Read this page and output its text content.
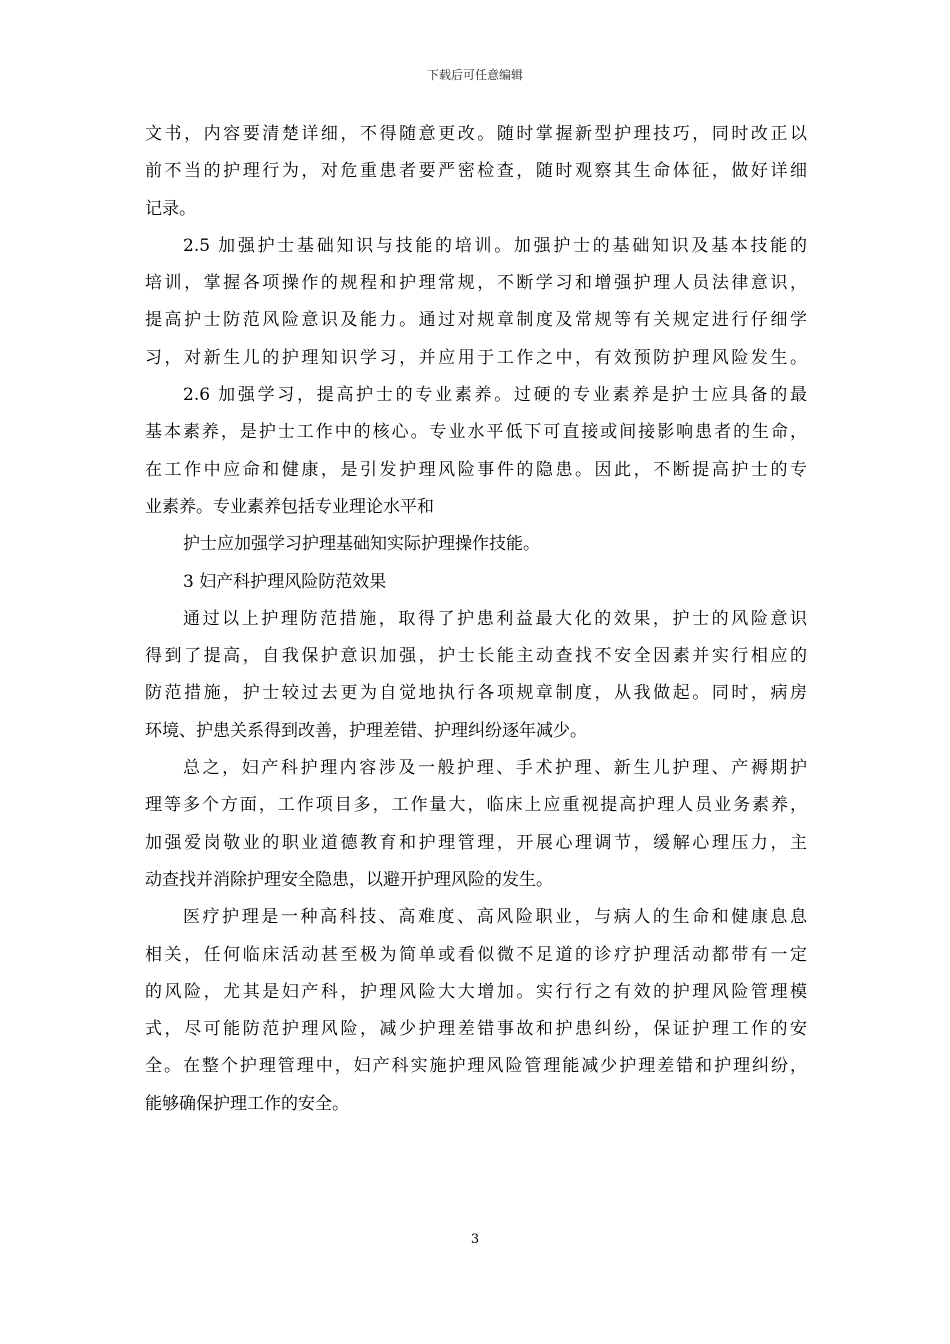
下载后可任意编辑
文书，内容要清楚详细，不得随意更改。随时掌握新型护理技巧，同时改正以
前不当的护理行为，对危重患者要严密检查，随时观察其生命体征，做好详细
记录。
2.5 加强护士基础知识与技能的培训。加强护士的基础知识及基本技能的
培训，掌握各项操作的规程和护理常规，不断学习和增强护理人员法律意识，
提高护士防范风险意识及能力。通过对规章制度及常规等有关规定进行仔细学
习，对新生儿的护理知识学习，并应用于工作之中，有效预防护理风险发生。
2.6 加强学习，提高护士的专业素养。过硬的专业素养是护士应具备的最
基本素养，是护士工作中的核心。专业水平低下可直接或间接影响患者的生命，
在工作中应命和健康，是引发护理风险事件的隐患。因此，不断提高护士的专
业素养。专业素养包括专业理论水平和
护士应加强学习护理基础知实际护理操作技能。
3 妇产科护理风险防范效果
通过以上护理防范措施，取得了护患利益最大化的效果，护士的风险意识
得到了提高，自我保护意识加强，护士长能主动查找不安全因素并实行相应的
防范措施，护士较过去更为自觉地执行各项规章制度，从我做起。同时，病房
环境、护患关系得到改善，护理差错、护理纠纷逐年减少。
总之，妇产科护理内容涉及一般护理、手术护理、新生儿护理、产褥期护
理等多个方面，工作项目多，工作量大，临床上应重视提高护理人员业务素养，
加强爱岗敬业的职业道德教育和护理管理，开展心理调节，缓解心理压力，主
动查找并消除护理安全隐患，以避开护理风险的发生。
医疗护理是一种高科技、高难度、高风险职业，与病人的生命和健康息息
相关，任何临床活动甚至极为简单或看似微不足道的诊疗护理活动都带有一定
的风险，尤其是妇产科，护理风险大大增加。实行行之有效的护理风险管理模
式，尽可能防范护理风险，减少护理差错事故和护患纠纷，保证护理工作的安
全。在整个护理管理中，妇产科实施护理风险管理能减少护理差错和护理纠纷，
能够确保护理工作的安全。
3
